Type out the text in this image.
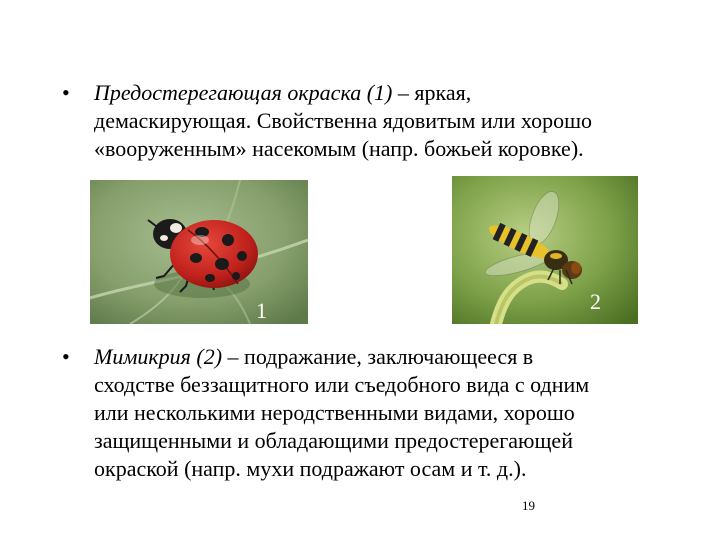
•	Предостерегающая окраска (1) – яркая,
демаскирующая. Свойственна ядовитым или хорошо
«вооруженным» насекомым (напр. божьей коровке).
1	2
•	Мимикрия (2) – подражание, заключающееся в
сходстве беззащитного или съедобного вида с одним
или несколькими неродственными видами, хорошо
защищенными и обладающими предостерегающей
окраской (напр. мухи подражают осам и т. д.).
19
